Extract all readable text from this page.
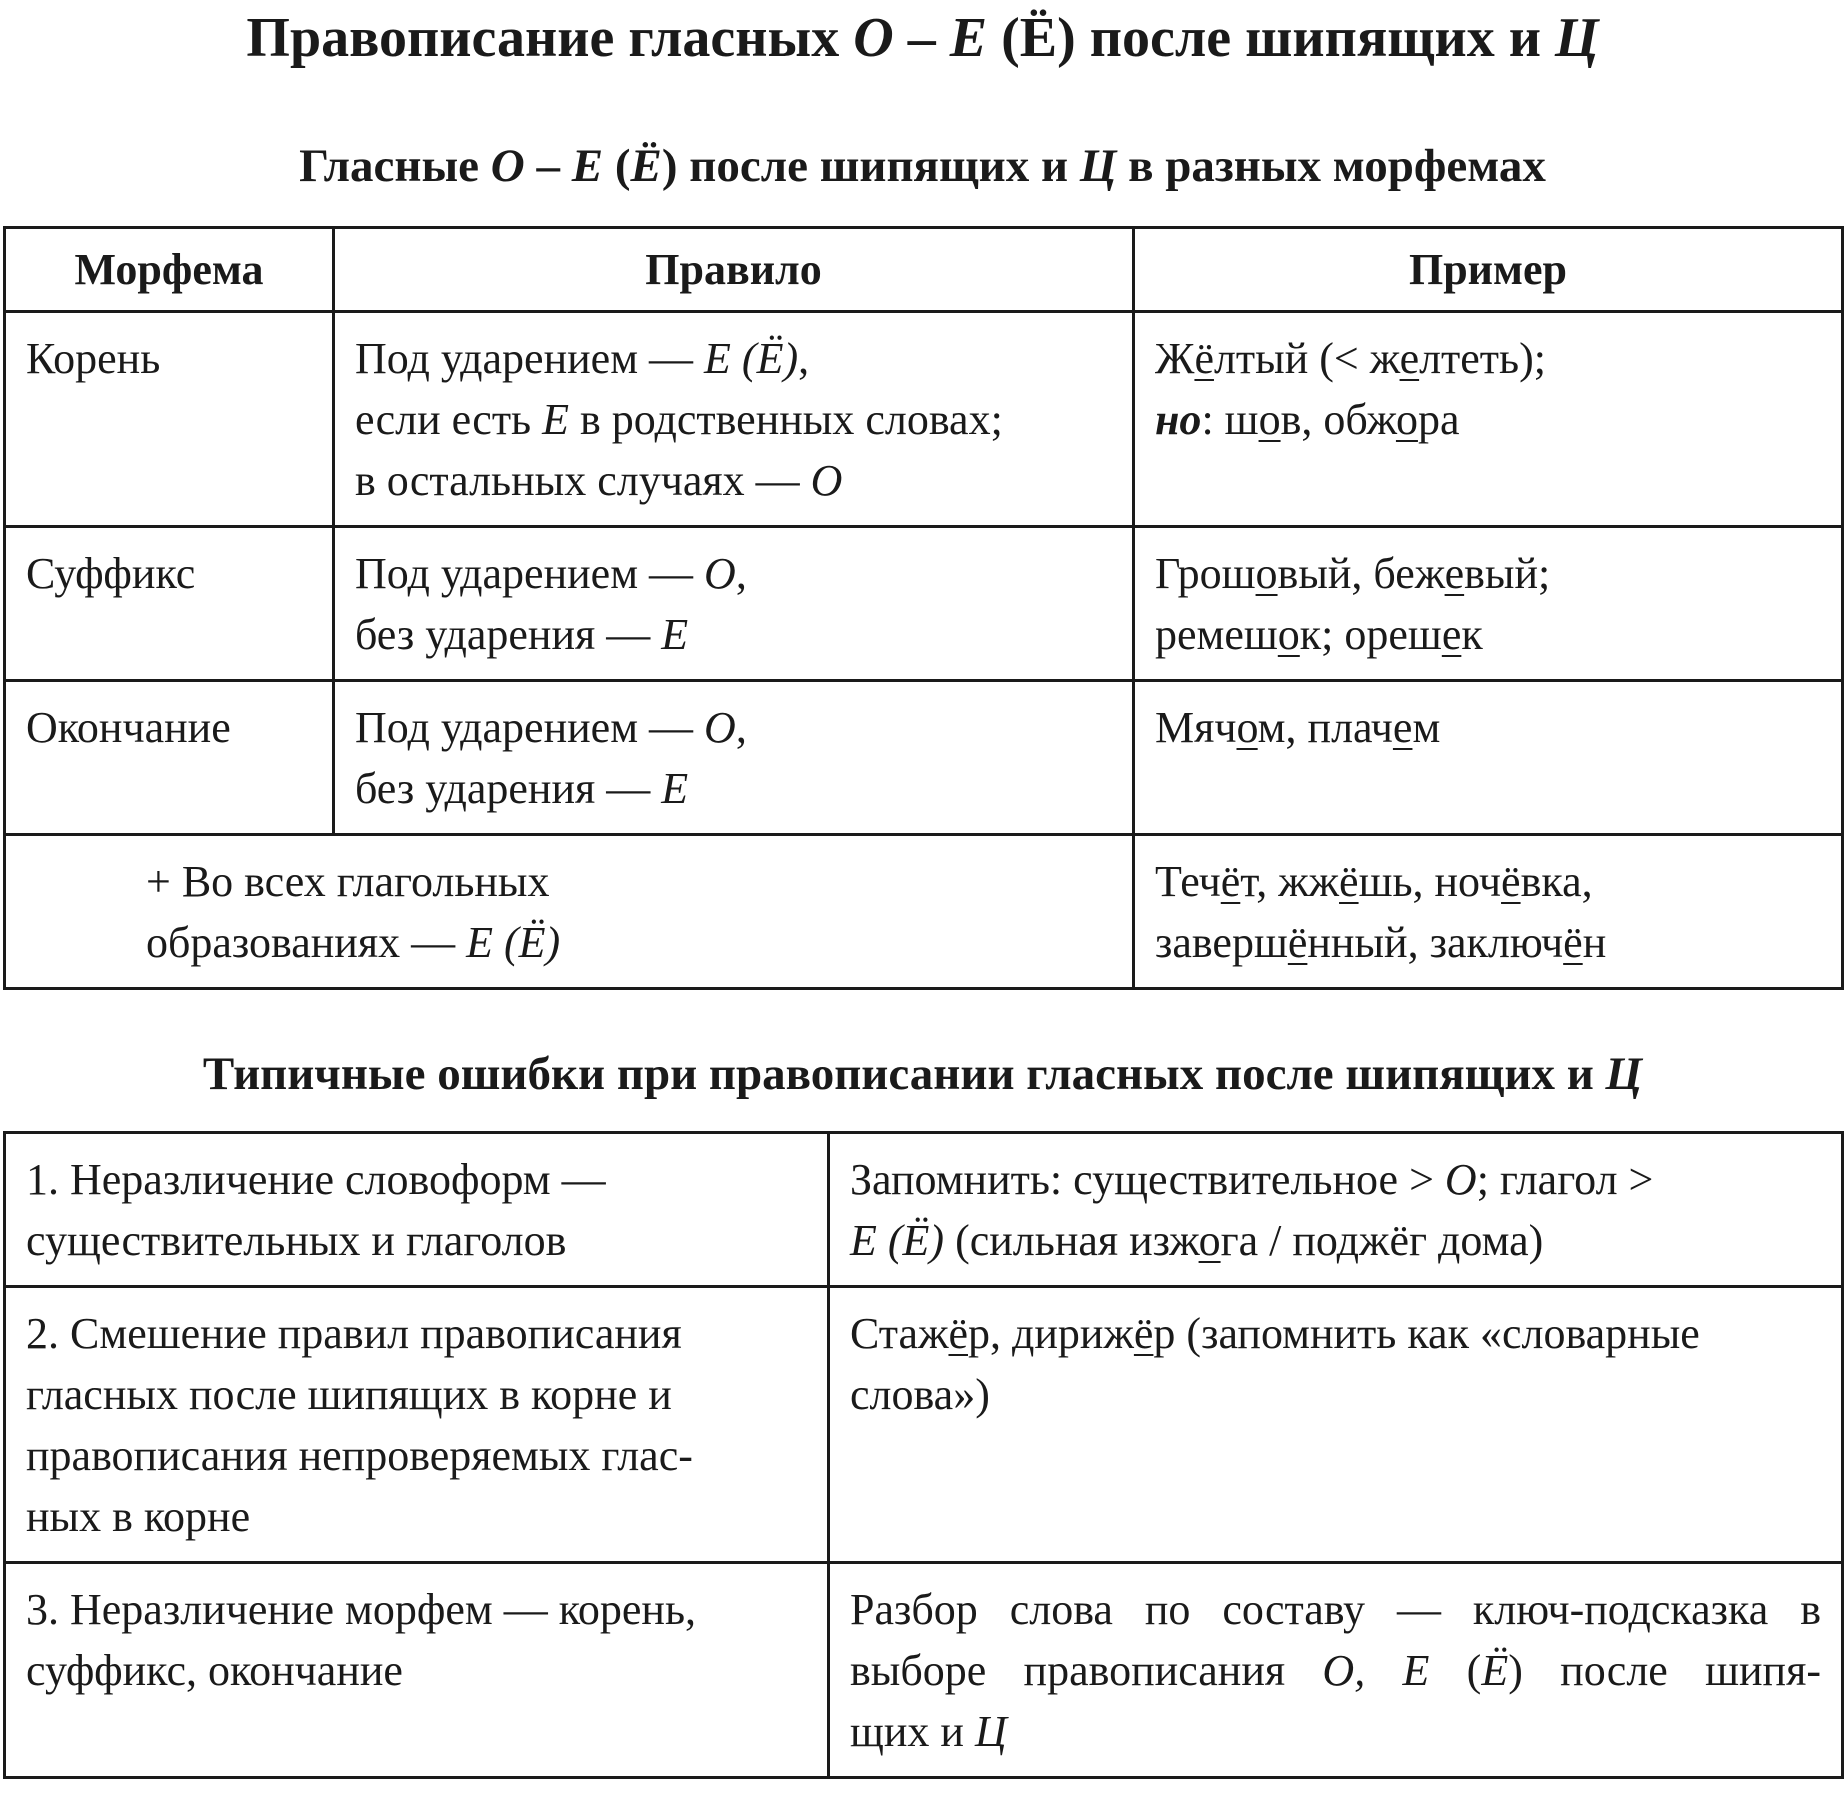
Правописание гласных О – Е (Ё) после шипящих и Ц
Гласные О – Е (Ё) после шипящих и Ц в разных морфемах
Морфема	Правило	Пример
Корень	Под ударением — Е (Ё),
если есть Е в родственных словах;
в остальных случаях — О	Жёлтый (< желтеть);
но: шов, обжора

Суффикс	Под ударением — О,
без ударения — Е	Грошовый, бежевый;
ремешок; орешек

Окончание	Под ударением — О,
без ударения — Е	Мячом, плачем

+ Во всех глагольных
образованиях — Е (Ё)		Течёт, жжёшь, ночёвка,
завершённый, заключён
Типичные ошибки при правописании гласных после шипящих и Ц
1. Неразличение словоформ —
существительных и глаголов	Запомнить: существительное > О; глагол >
Е (Ё) (сильная изжога / поджёг дома)

2. Смешение правил правописания
гласных после шипящих в корне и
правописания непроверяемых глас-
ных в корне	Стажёр, дирижёр (запомнить как «словарные
слова»)

3. Неразличение морфем — корень,
суффикс, окончание	Разбор слова по составу — ключ-подсказка в
выборе правописания О, Е (Ё) после шипя-
щих и Ц
